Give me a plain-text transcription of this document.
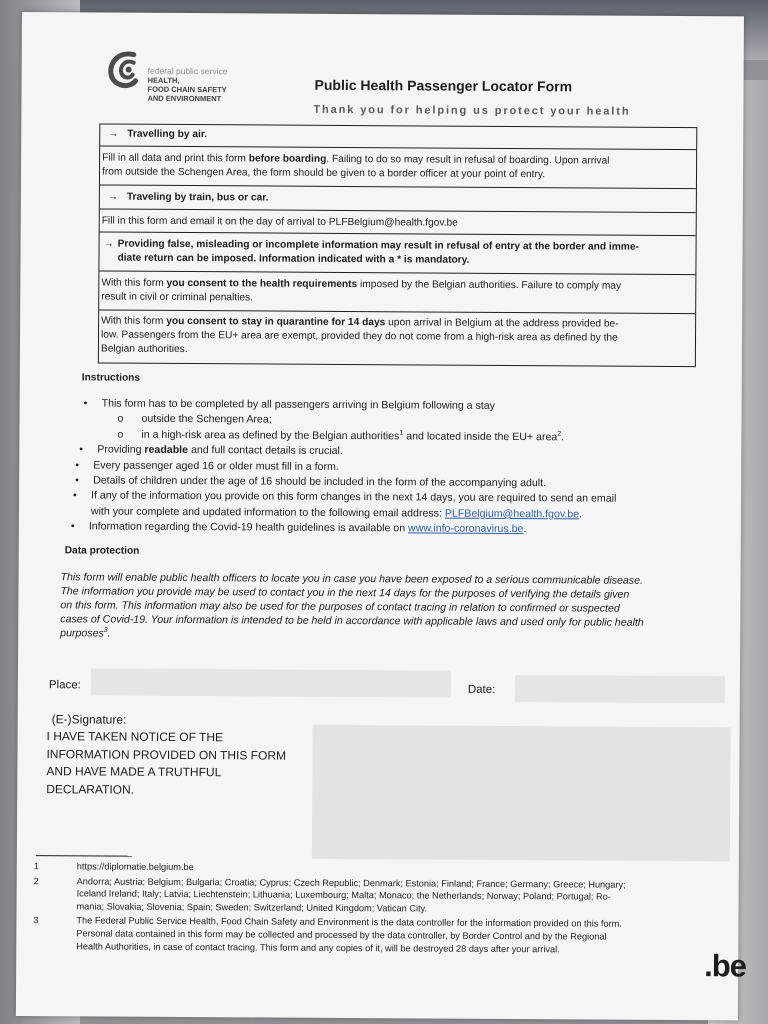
federal public service
HEALTH,
FOOD CHAIN SAFETY
AND ENVIRONMENT
Public Health Passenger Locator Form
Thank you for helping us protect your health
→ Travelling by air.
Fill in all data and print this form before boarding. Failing to do so may result in refusal of boarding. Upon arrival
from outside the Schengen Area, the form should be given to a border officer at your point of entry.
→ Traveling by train, bus or car.
Fill in this form and email it on the day of arrival to PLFBelgium@health.fgov.be
→ Providing false, misleading or incomplete information may result in refusal of entry at the border and imme-
diate return can be imposed. Information indicated with a * is mandatory.
With this form you consent to the health requirements imposed by the Belgian authorities. Failure to comply may
result in civil or criminal penalties.
With this form you consent to stay in quarantine for 14 days upon arrival in Belgium at the address provided be-
low. Passengers from the EU+ area are exempt, provided they do not come from a high-risk area as defined by the
Belgian authorities.
Instructions
• This form has to be completed by all passengers arriving in Belgium following a stay
o outside the Schengen Area;
o in a high-risk area as defined by the Belgian authorities$^1$ and located inside the EU+ area$^2$.
• Providing readable and full contact details is crucial.
• Every passenger aged 16 or older must fill in a form.
• Details of children under the age of 16 should be included in the form of the accompanying adult.
• If any of the information you provide on this form changes in the next 14 days, you are required to send an email
with your complete and updated information to the following email address: PLFBelgium@health.fgov.be.
• Information regarding the Covid-19 health guidelines is available on www.info-coronavirus.be.
Data protection
This form will enable public health officers to locate you in case you have been exposed to a serious communicable disease.
The information you provide may be used to contact you in the next 14 days for the purposes of verifying the details given
on this form. This information may also be used for the purposes of contact tracing in relation to confirmed or suspected
cases of Covid-19. Your information is intended to be held in accordance with applicable laws and used only for public health
purposes$^3$.
Place:	Date:
(E-)Signature:
I HAVE TAKEN NOTICE OF THE
INFORMATION PROVIDED ON THIS FORM
AND HAVE MADE A TRUTHFUL
DECLARATION.
1	https://diplomatie.belgium.be
2	Andorra; Austria; Belgium; Bulgaria; Croatia; Cyprus; Czech Republic; Denmark; Estonia; Finland; France; Germany; Greece; Hungary;
Iceland Ireland; Italy; Latvia; Liechtenstein; Lithuania; Luxembourg; Malta; Monaco; the Netherlands; Norway; Poland; Portugal; Ro-
mania; Slovakia; Slovenia; Spain; Sweden; Switzerland; United Kingdom; Vatican City.
3	The Federal Public Service Health, Food Chain Safety and Environment is the data controller for the information provided on this form.
Personal data contained in this form may be collected and processed by the data controller, by Border Control and by the Regional
Health Authorities, in case of contact tracing. This form and any copies of it, will be destroyed 28 days after your arrival.
.be
